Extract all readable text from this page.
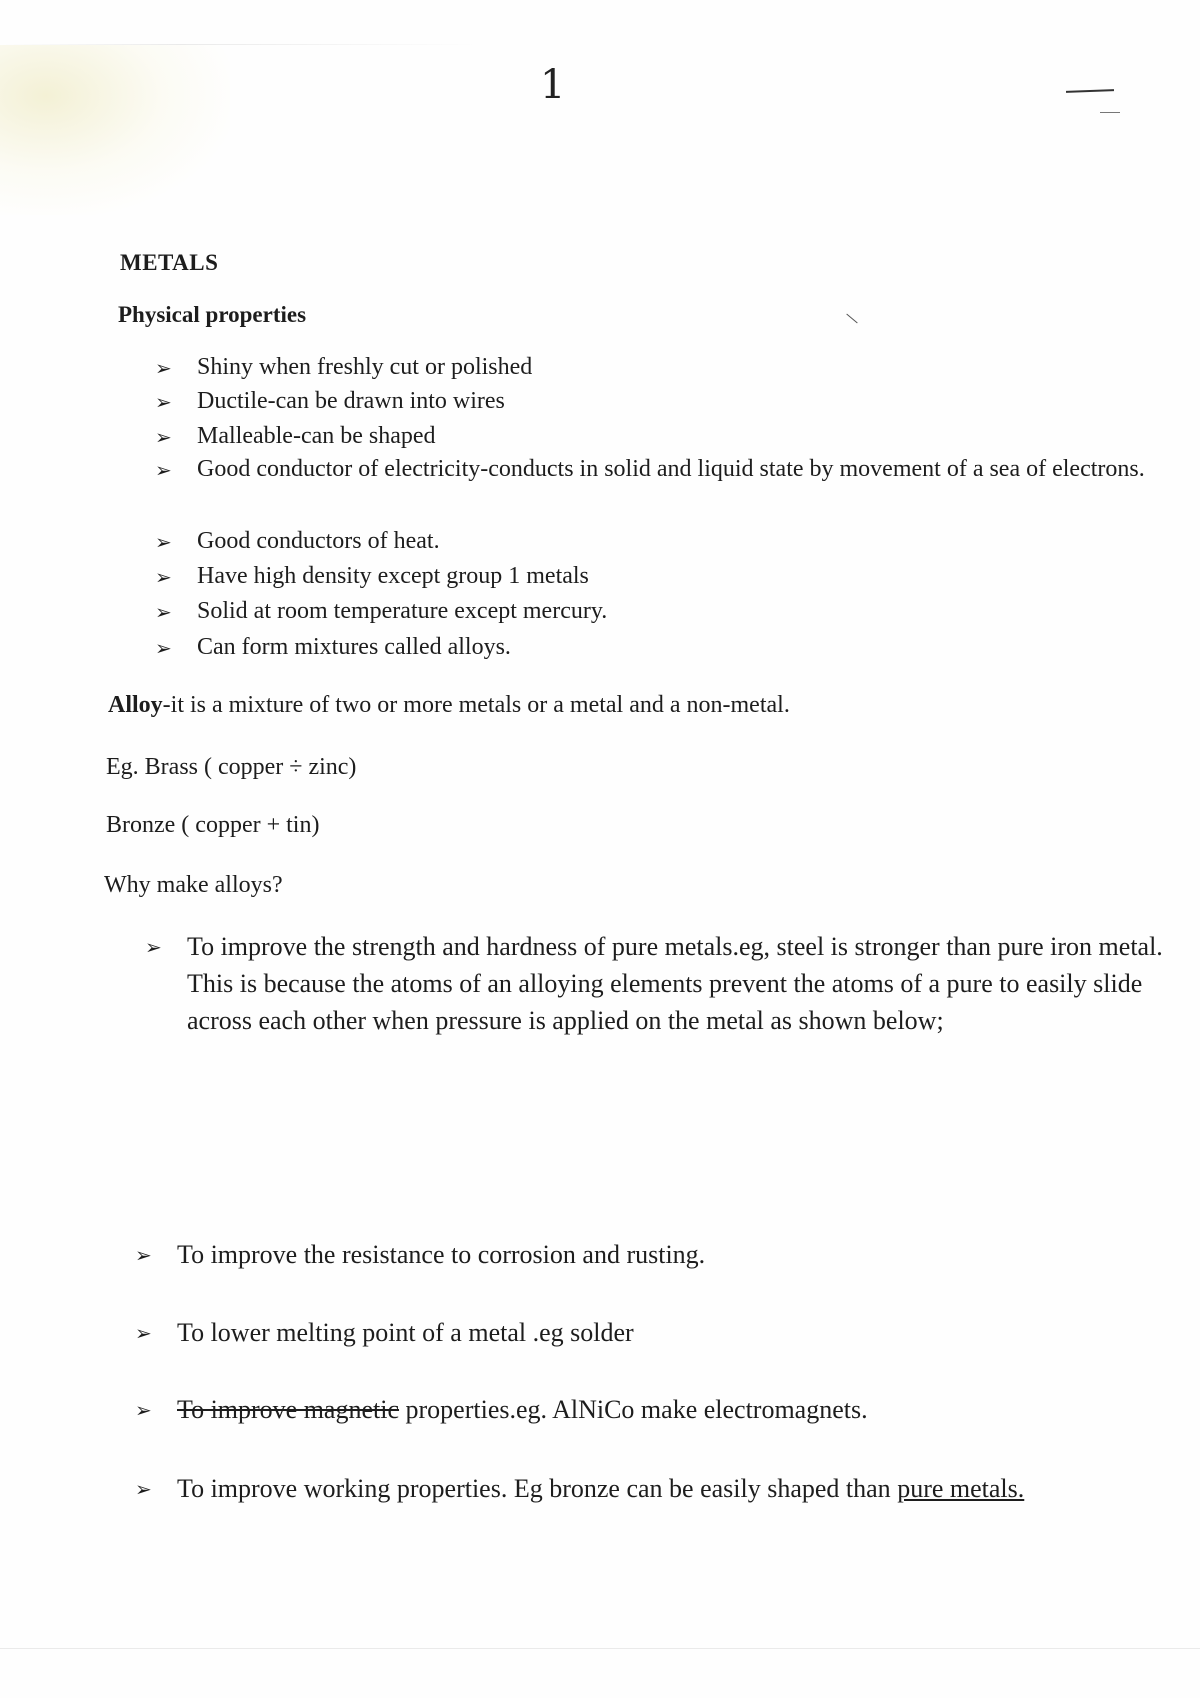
1
METALS
Physical properties
➢	Shiny when freshly cut or polished
➢	Ductile-can be drawn into wires
➢	Malleable-can be shaped
➢	Good conductor of electricity-conducts in solid and liquid state by movement of a sea of electrons.
➢	Good conductors of heat.
➢	Have high density except group 1 metals
➢	Solid at room temperature except mercury.
➢	Can form mixtures called alloys.
Alloy-it is a mixture of two or more metals or a metal and a non-metal.
Eg. Brass ( copper ÷ zinc)
Bronze ( copper + tin)
Why make alloys?
➢ To improve the strength and hardness of pure metals.eg, steel is stronger than pure iron metal. This is because the atoms of an alloying elements prevent the atoms of a pure to easily slide across each other when pressure is applied on the metal as shown below;
➢ To improve the resistance to corrosion and rusting.
➢ To lower melting point of a metal .eg solder
➢ To improve magnetic properties.eg. AlNiCo make electromagnets.
➢ To improve working properties. Eg bronze can be easily shaped than pure metals.
